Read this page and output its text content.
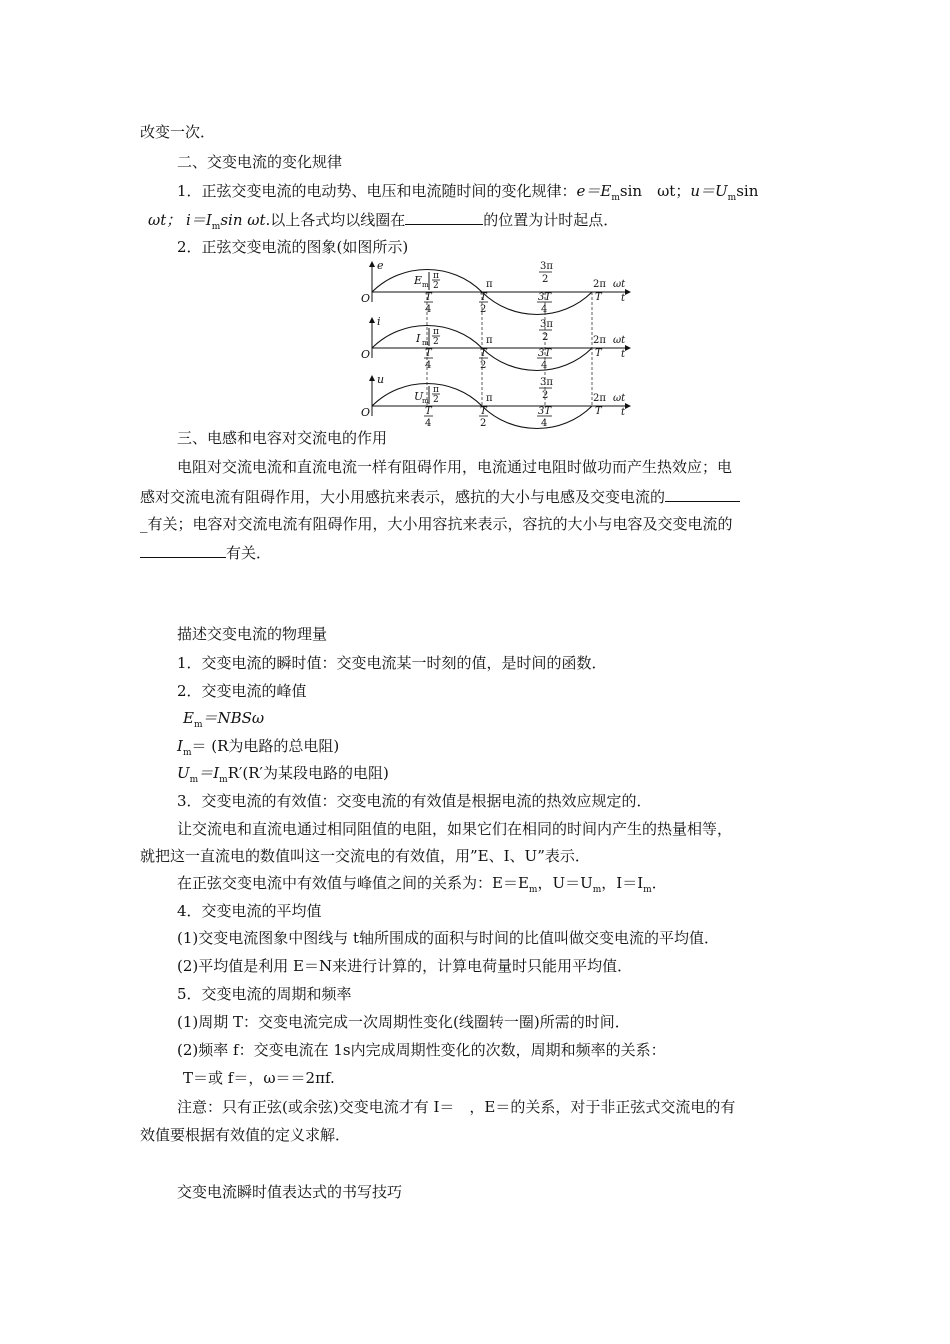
改变一次．
二、交变电流的变化规律
1．正弦交变电流的电动势、电压和电流随时间的变化规律：$e=E_m\sin$　ωt；$u=U_m\sin$
ωt； $i=I_m\sin$ ωt.以上各式均以线圈在	的位置为计时起点．
2．正弦交变电流的图象(如图所示)
e
O
E m
π
2	π
3π
2	2π ωt
t
T
4
T
2
3T
4
T
i
O
I m
π
2	π
3π
2	2π ωt
t
T
4
T
2
3T
4
T
u
O
U
m
π
2	π
3π
2	2π ωt
t
T
4
T
2
3T
4
T
三、电感和电容对交流电的作用
电阻对交流电流和直流电流一样有阻碍作用，电流通过电阻时做功而产生热效应；电
感对交流电流有阻碍作用，大小用感抗来表示，感抗的大小与电感及交变电流的
_有关；电容对交流电流有阻碍作用，大小用容抗来表示，容抗的大小与电容及交变电流的
有关．
描述交变电流的物理量
1．交变电流的瞬时值：交变电流某一时刻的值，是时间的函数．
2．交变电流的峰值
$E_m=NBS\omega$
$I_m= (R$为电路的总电阻)
$U_m=I_mR'(R'$为某段电路的电阻)
3．交变电流的有效值：交变电流的有效值是根据电流的热效应规定的．
让交流电和直流电通过相同阻值的电阻，如果它们在相同的时间内产生的热量相等，
就把这一直流电的数值叫这一交流电的有效值，用”E、I、U”表示．
在正弦交变电流中有效值与峰值之间的关系为：$E=E_m$，$U=U_m$，$I=I_m$．
4．交变电流的平均值
(1)交变电流图象中图线与 t轴所围成的面积与时间的比值叫做交变电流的平均值．
(2)平均值是利用 E＝N来进行计算的，计算电荷量时只能用平均值．
5．交变电流的周期和频率
(1)周期 T：交变电流完成一次周期性变化(线圈转一圈)所需的时间．
(2)频率 f：交变电流在 1s内完成周期性变化的次数，周期和频率的关系：
T＝或 f＝，ω＝＝2πf.
注意：只有正弦(或余弦)交变电流才有 I＝　，E＝的关系，对于非正弦式交流电的有
效值要根据有效值的定义求解．
交变电流瞬时值表达式的书写技巧
